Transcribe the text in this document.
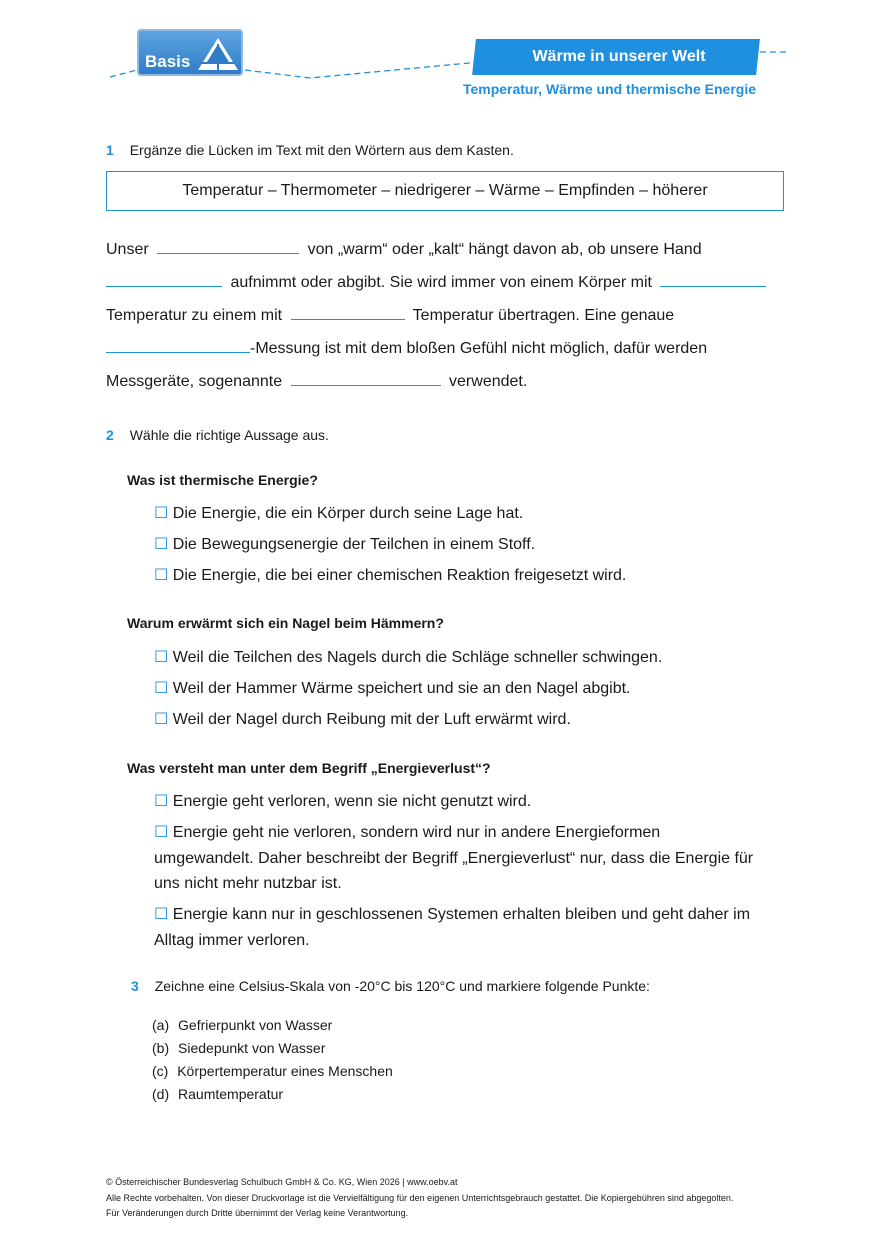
Basis	Wärme in unserer Welt
Temperatur, Wärme und thermische Energie
1 Ergänze die Lücken im Text mit den Wörtern aus dem Kasten.
Temperatur – Thermometer – niedrigerer – Wärme – Empfinden – höherer
Unser	von „warm“ oder „kalt“ hängt davon ab, ob unsere Hand
aufnimmt oder abgibt. Sie wird immer von einem Körper mit
Temperatur zu einem mit	Temperatur übertragen. Eine genaue
-Messung ist mit dem bloßen Gefühl nicht möglich, dafür werden
Messgeräte, sogenannte	verwendet.
2 Wähle die richtige Aussage aus.
Was ist thermische Energie?
☐ Die Energie, die ein Körper durch seine Lage hat.
☐ Die Bewegungsenergie der Teilchen in einem Stoff.
☐ Die Energie, die bei einer chemischen Reaktion freigesetzt wird.
Warum erwärmt sich ein Nagel beim Hämmern?
☐ Weil die Teilchen des Nagels durch die Schläge schneller schwingen.
☐ Weil der Hammer Wärme speichert und sie an den Nagel abgibt.
☐ Weil der Nagel durch Reibung mit der Luft erwärmt wird.
Was versteht man unter dem Begriff „Energieverlust“?
☐ Energie geht verloren, wenn sie nicht genutzt wird.
☐ Energie geht nie verloren, sondern wird nur in andere Energieformen
umgewandelt. Daher beschreibt der Begriff „Energieverlust“ nur, dass die Energie für
uns nicht mehr nutzbar ist.
☐ Energie kann nur in geschlossenen Systemen erhalten bleiben und geht daher im
Alltag immer verloren.
3 Zeichne eine Celsius-Skala von -20°C bis 120°C und markiere folgende Punkte:
(a) Gefrierpunkt von Wasser
(b) Siedepunkt von Wasser
(c) Körpertemperatur eines Menschen
(d) Raumtemperatur
© Österreichischer Bundesverlag Schulbuch GmbH & Co. KG, Wien 2026 | www.oebv.at
Alle Rechte vorbehalten. Von dieser Druckvorlage ist die Vervielfältigung für den eigenen Unterrichtsgebrauch gestattet. Die Kopiergebühren sind abgegolten.
Für Veränderungen durch Dritte übernimmt der Verlag keine Verantwortung.
